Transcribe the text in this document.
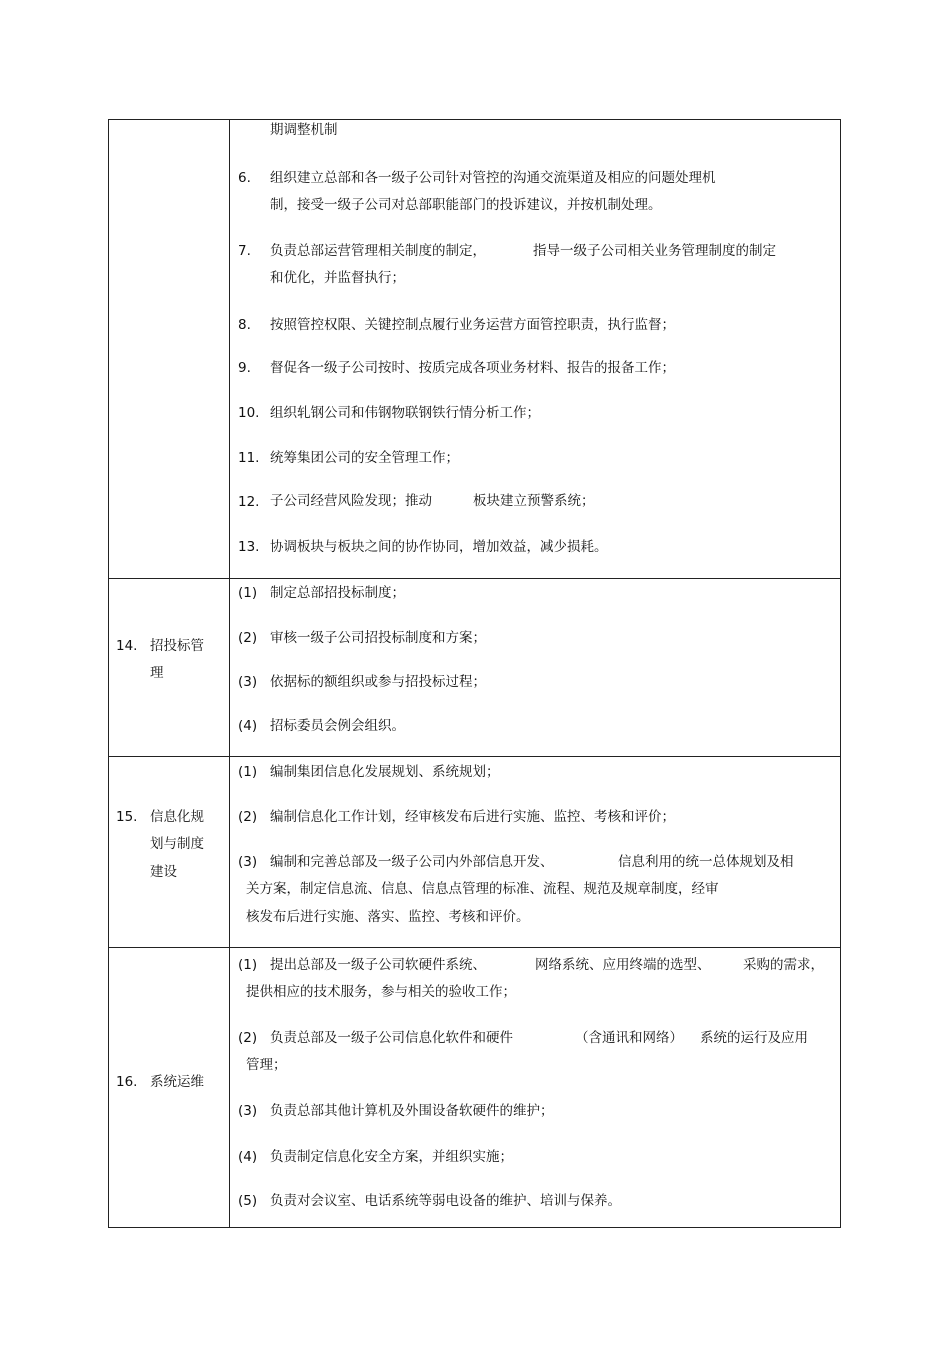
期调整机制
6. 组织建立总部和各一级子公司针对管控的沟通交流渠道及相应的问题处理机
制，接受一级子公司对总部职能部门的投诉建议，并按机制处理。
7. 负责总部运营管理相关制度的制定，	指导一级子公司相关业务管理制度的制定
和优化，并监督执行；
8. 按照管控权限、关键控制点履行业务运营方面管控职责，执行监督；
9. 督促各一级子公司按时、按质完成各项业务材料、报告的报备工作；
10. 组织轧钢公司和伟钢物联钢铁行情分析工作；
11. 统筹集团公司的安全管理工作；
12. 子公司经营风险发现；推动	板块建立预警系统；
13. 协调板块与板块之间的协作协同，增加效益，减少损耗。
14. 招投标管
理
(1) 制定总部招投标制度；
(2) 审核一级子公司招投标制度和方案；
(3) 依据标的额组织或参与招投标过程；
(4) 招标委员会例会组织。
15. 信息化规
划与制度
建设
(1) 编制集团信息化发展规划、系统规划；
(2) 编制信息化工作计划，经审核发布后进行实施、监控、考核和评价；
(3) 编制和完善总部及一级子公司内外部信息开发、	信息利用的统一总体规划及相
关方案，制定信息流、信息、信息点管理的标准、流程、规范及规章制度，经审
核发布后进行实施、落实、监控、考核和评价。
16. 系统运维
(1) 提出总部及一级子公司软硬件系统、	网络系统、应用终端的选型、 采购的需求，
提供相应的技术服务，参与相关的验收工作；
(2) 负责总部及一级子公司信息化软件和硬件	（含通讯和网络） 系统的运行及应用
管理；
(3) 负责总部其他计算机及外围设备软硬件的维护；
(4) 负责制定信息化安全方案，并组织实施；
(5) 负责对会议室、电话系统等弱电设备的维护、培训与保养。
